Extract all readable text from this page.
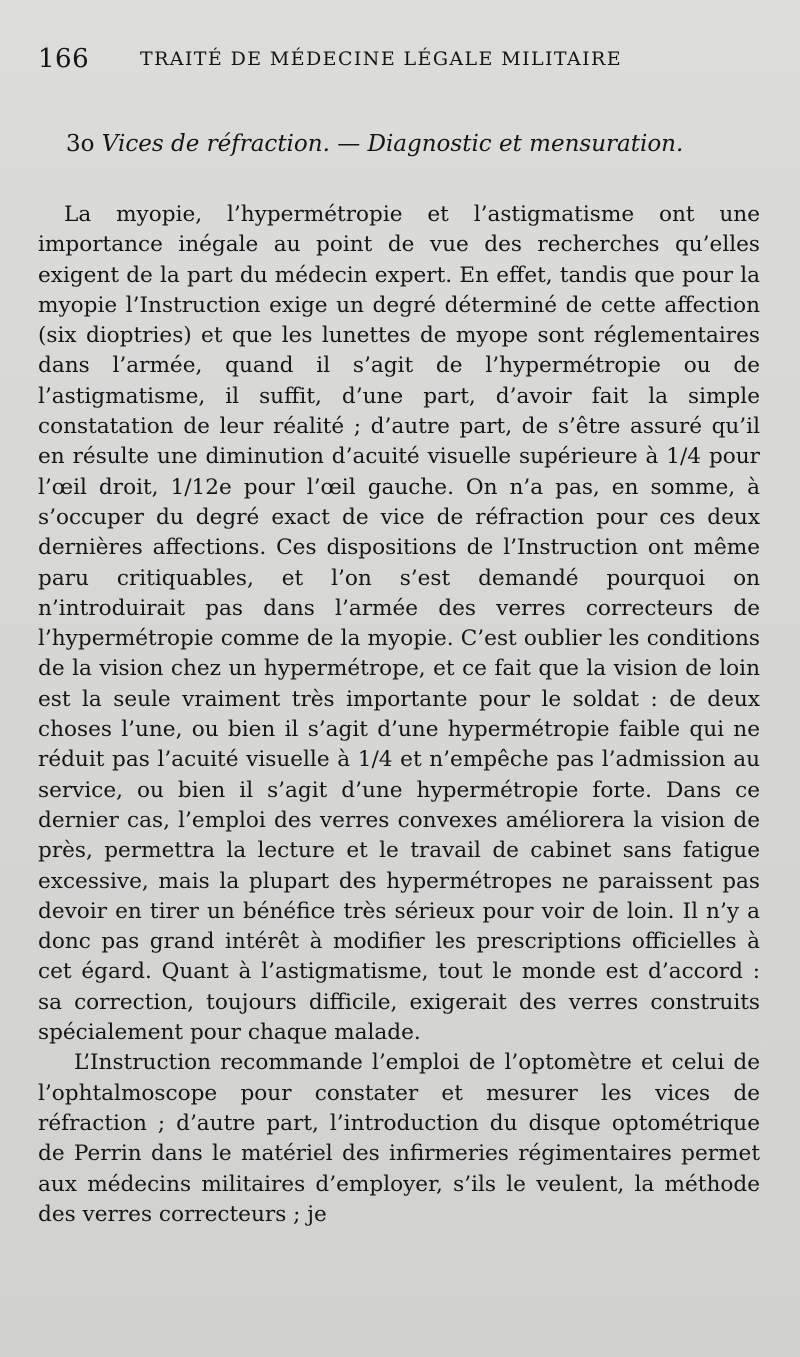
166	TRAITÉ DE MÉDECINE LÉGALE MILITAIRE
3o Vices de réfraction. — Diagnostic et mensuration.

La myopie, l’hypermétropie et l’astigmatisme ont une importance inégale au point de vue des recherches qu’elles exigent de la part du médecin expert. En effet, tandis que pour la myopie l’Instruction exige un degré déterminé de cette affection (six dioptries) et que les lunettes de myope sont réglementaires dans l’armée, quand il s’agit de l’hypermétropie ou de l’astigmatisme, il suffit, d’une part, d’avoir fait la simple constatation de leur réalité ; d’autre part, de s’être assuré qu’il en résulte une diminution d’acuité visuelle supérieure à 1/4 pour l’œil droit, 1/12e pour l’œil gauche. On n’a pas, en somme, à s’occuper du degré exact de vice de réfraction pour ces deux dernières affections. Ces dispositions de l’Instruction ont même paru critiquables, et l’on s’est demandé pourquoi on n’introduirait pas dans l’armée des verres correcteurs de l’hypermétropie comme de la myopie. C’est oublier les conditions de la vision chez un hypermétrope, et ce fait que la vision de loin est la seule vraiment très importante pour le soldat : de deux choses l’une, ou bien il s’agit d’une hypermétropie faible qui ne réduit pas l’acuité visuelle à 1/4 et n’empêche pas l’admission au service, ou bien il s’agit d’une hypermétropie forte. Dans ce dernier cas, l’emploi des verres convexes améliorera la vision de près, permettra la lecture et le travail de cabinet sans fatigue excessive, mais la plupart des hypermétropes ne paraissent pas devoir en tirer un bénéfice très sérieux pour voir de loin. Il n’y a donc pas grand intérêt à modifier les prescriptions officielles à cet égard. Quant à l’astigmatisme, tout le monde est d’accord : sa correction, toujours difficile, exigerait des verres construits spécialement pour chaque malade.

L’Instruction recommande l’emploi de l’optomètre et celui de l’ophtalmoscope pour constater et mesurer les vices de réfraction ; d’autre part, l’introduction du disque optométrique de Perrin dans le matériel des infirmeries régimentaires permet aux médecins militaires d’employer, s’ils le veulent, la méthode des verres correcteurs ; je
